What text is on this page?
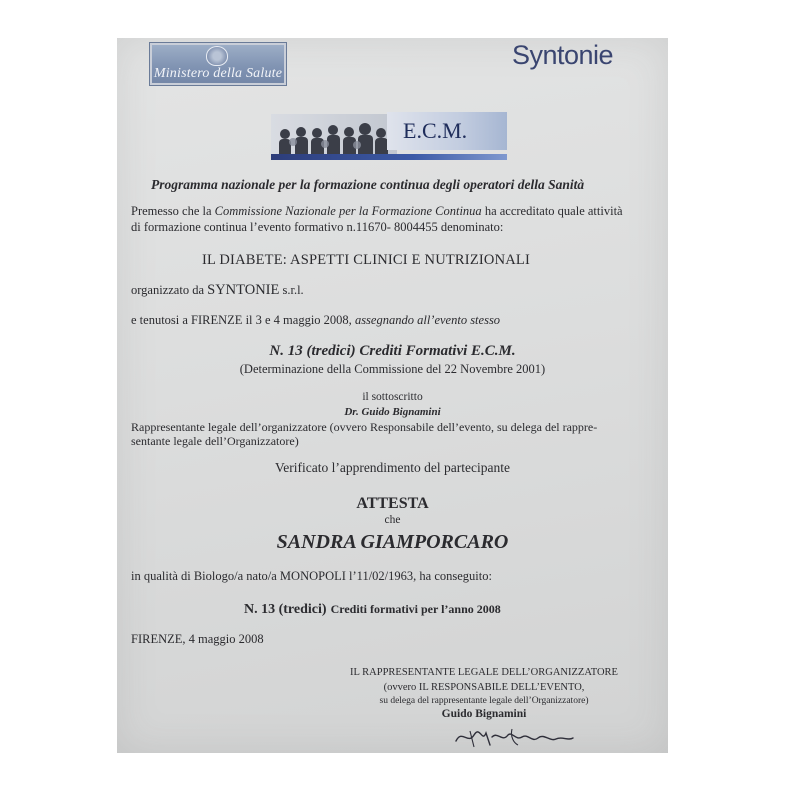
Ministero della Salute
Syntonie
E.C.M.
Programma nazionale per la formazione continua degli operatori della Sanità
Premesso che la Commissione Nazionale per la Formazione Continua ha accreditato quale attività
di formazione continua l’evento formativo n.11670- 8004455 denominato:
IL DIABETE: ASPETTI CLINICI E NUTRIZIONALI
organizzato da SYNTONIE s.r.l.
e tenutosi a FIRENZE il 3 e 4 maggio 2008, assegnando all’evento stesso
N. 13 (tredici) Crediti Formativi E.C.M.
(Determinazione della Commissione del 22 Novembre 2001)
il sottoscritto
Dr. Guido Bignamini
Rappresentante legale dell’organizzatore (ovvero Responsabile dell’evento, su delega del rappre-
sentante legale dell’Organizzatore)
Verificato l’apprendimento del partecipante
ATTESTA
che
SANDRA GIAMPORCARO
in qualità di Biologo/a nato/a MONOPOLI l’11/02/1963, ha conseguito:
N. 13 (tredici) Crediti formativi per l’anno 2008
FIRENZE, 4 maggio 2008
IL RAPPRESENTANTE LEGALE DELL’ORGANIZZATORE
(ovvero IL RESPONSABILE DELL’EVENTO,
su delega del rappresentante legale dell’Organizzatore)
Guido Bignamini
